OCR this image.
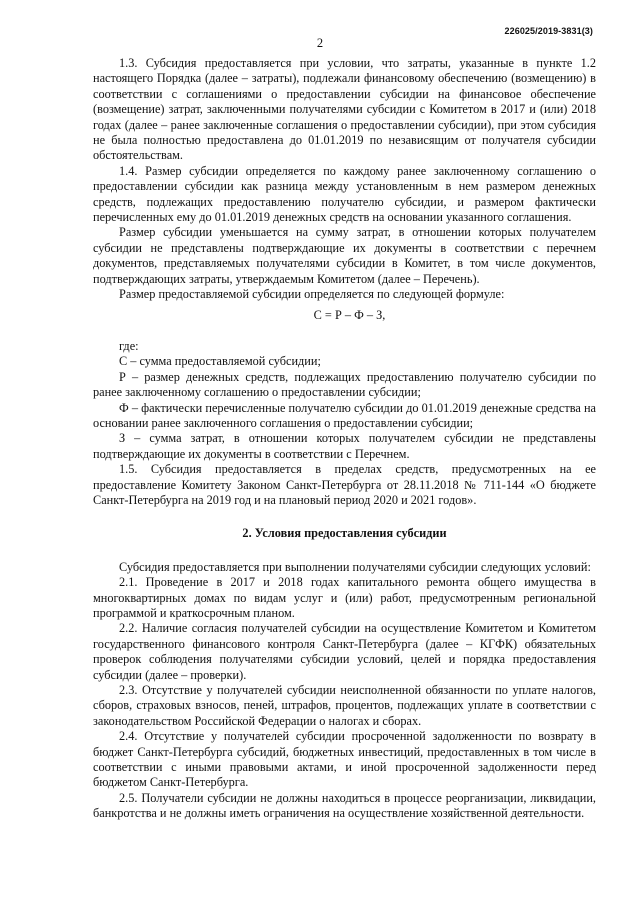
226025/2019-3831(3)
2

1.3. Субсидия предоставляется при условии, что затраты, указанные в пункте 1.2 настоящего Порядка (далее – затраты), подлежали финансовому обеспечению (возмещению) в соответствии с соглашениями о предоставлении субсидии на финансовое обеспечение (возмещение) затрат, заключенными получателями субсидии с Комитетом в 2017 и (или) 2018 годах (далее – ранее заключенные соглашения о предоставлении субсидии), при этом субсидия не была полностью предоставлена до 01.01.2019 по независящим от получателя субсидии обстоятельствам.

1.4. Размер субсидии определяется по каждому ранее заключенному соглашению о предоставлении субсидии как разница между установленным в нем размером денежных средств, подлежащих предоставлению получателю субсидии, и размером фактически перечисленных ему до 01.01.2019 денежных средств на основании указанного соглашения.

Размер субсидии уменьшается на сумму затрат, в отношении которых получателем субсидии не представлены подтверждающие их документы в соответствии с перечнем документов, представляемых получателями субсидии в Комитет, в том числе документов, подтверждающих затраты, утверждаемым Комитетом (далее – Перечень).

Размер предоставляемой субсидии определяется по следующей формуле:

С = Р – Ф – З,

где:

С – сумма предоставляемой субсидии;

Р – размер денежных средств, подлежащих предоставлению получателю субсидии по ранее заключенному соглашению о предоставлении субсидии;

Ф – фактически перечисленные получателю субсидии до 01.01.2019 денежные средства на основании ранее заключенного соглашения о предоставлении субсидии;

З – сумма затрат, в отношении которых получателем субсидии не представлены подтверждающие их документы в соответствии с Перечнем.

1.5. Субсидия предоставляется в пределах средств, предусмотренных на ее предоставление Комитету Законом Санкт-Петербурга от 28.11.2018 № 711-144 «О бюджете Санкт-Петербурга на 2019 год и на плановый период 2020 и 2021 годов».

2. Условия предоставления субсидии

Субсидия предоставляется при выполнении получателями субсидии следующих условий:

2.1. Проведение в 2017 и 2018 годах капитального ремонта общего имущества в многоквартирных домах по видам услуг и (или) работ, предусмотренным региональной программой и краткосрочным планом.

2.2. Наличие согласия получателей субсидии на осуществление Комитетом и Комитетом государственного финансового контроля Санкт-Петербурга (далее – КГФК) обязательных проверок соблюдения получателями субсидии условий, целей и порядка предоставления субсидии (далее – проверки).

2.3. Отсутствие у получателей субсидии неисполненной обязанности по уплате налогов, сборов, страховых взносов, пеней, штрафов, процентов, подлежащих уплате в соответствии с законодательством Российской Федерации о налогах и сборах.

2.4. Отсутствие у получателей субсидии просроченной задолженности по возврату в бюджет Санкт-Петербурга субсидий, бюджетных инвестиций, предоставленных в том числе в соответствии с иными правовыми актами, и иной просроченной задолженности перед бюджетом Санкт-Петербурга.

2.5. Получатели субсидии не должны находиться в процессе реорганизации, ликвидации, банкротства и не должны иметь ограничения на осуществление хозяйственной деятельности.
